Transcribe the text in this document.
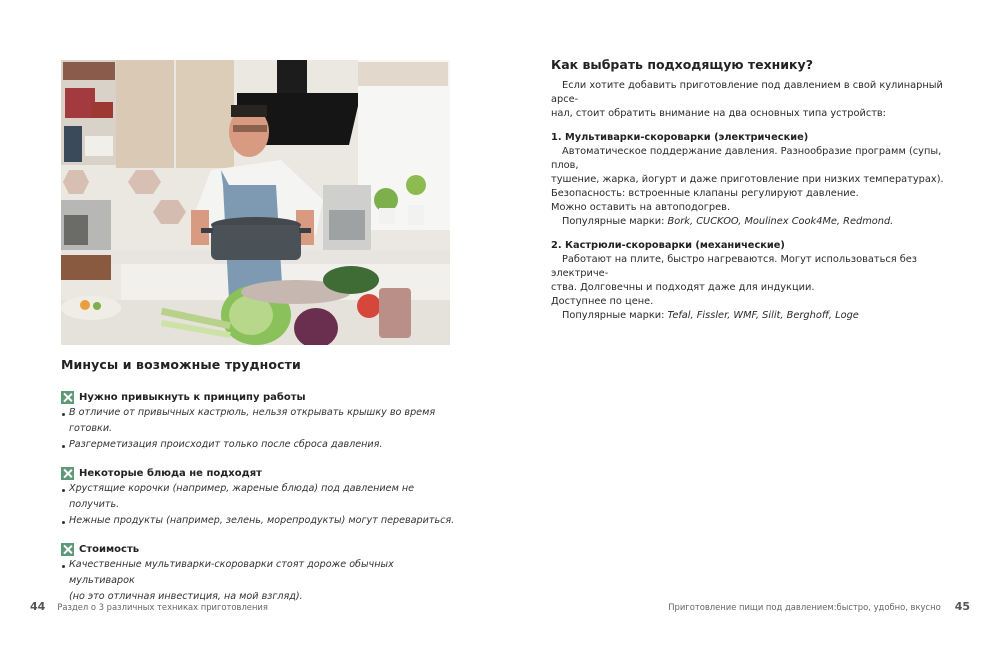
Минусы и возможные трудности
Нужно привыкнуть к принципу работы
В отличие от привычных кастрюль, нельзя открывать крышку во время готовки.
Разгерметизация происходит только после сброса давления.
Некоторые блюда не подходят
Хрустящие корочки (например, жареные блюда) под давлением не получить.
Нежные продукты (например, зелень, морепродукты) могут перевариться.
Стоимость
Качественные мультиварки-скороварки стоят дороже обычных мультиварок
(но это отличная инвестиция, на мой взгляд).
44 Раздел о 3 различных техниках приготовления
Как выбрать подходящую технику?

Если хотите добавить приготовление под давлением в свой кулинарный арсе-

нал, стоит обратить внимание на два основных типа устройств:

1. Мультиварки-скороварки (электрические)

Автоматическое поддержание давления. Разнообразие программ (супы, плов,

тушение, жарка, йогурт и даже приготовление при низких температурах).

Безопасность: встроенные клапаны регулируют давление.

Можно оставить на автоподогрев.

Популярные марки: Bork, CUCKOO, Moulinex Cook4Me, Redmond.

2. Кастрюли-скороварки (механические)

Работают на плите, быстро нагреваются. Могут использоваться без электриче-

ства. Долговечны и подходят даже для индукции.

Доступнее по цене.

Популярные марки: Tefal, Fissler, WMF, Silit, Berghoff, Loge

Приготовление пищи под давлением:быстро, удобно, вкусно 45
